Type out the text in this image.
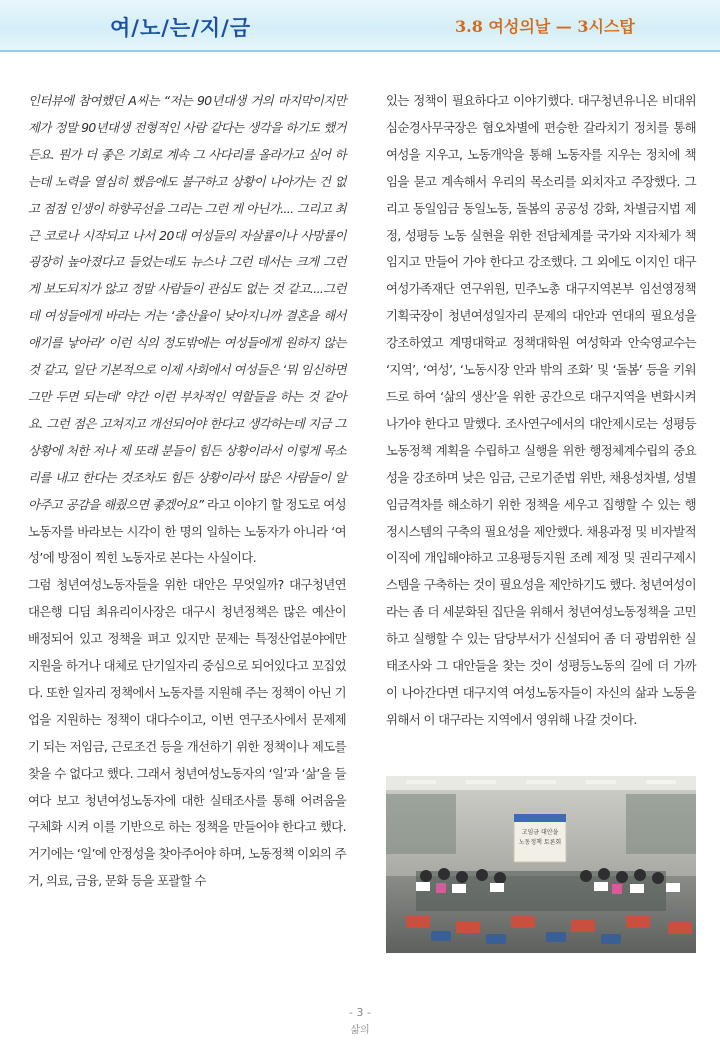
여/노/는/지/금	3.8 여성의날 — 3시스탑

인터뷰에 참여했던 A씨는 “저는 90년대생 거의 마지막이지만 제가 정말 90년대생 전형적인 사람 같다는 생각을 하기도 했거든요. 뭔가 더 좋은 기회로 계속 그 사다리를 올라가고 싶어 하는데 노력을 열심히 했음에도 불구하고 상황이 나아가는 건 없고 점점 인생이 하향곡선을 그리는 그런 게 아닌가.... 그리고 최근 코로나 시작되고 나서 20대 여성들의 자살률이나 사망률이 굉장히 높아졌다고 들었는데도 뉴스나 그런 데서는 크게 그런 게 보도되지가 않고 정말 사람들이 관심도 없는 것 같고....그런데 여성들에게 바라는 거는 ‘출산율이 낮아지니까 결혼을 해서 애기를 낳아라’ 이런 식의 정도밖에는 여성들에게 원하지 않는 것 같고, 일단 기본적으로 이제 사회에서 여성들은 ‘뭐 임신하면 그만 두면 되는데’ 약간 이런 부차적인 역할들을 하는 것 같아요. 그런 점은 고쳐지고 개선되어야 한다고 생각하는데 지금 그 상황에 처한 저나 제 또래 분들이 힘든 상황이라서 이렇게 목소리를 내고 한다는 것조차도 힘든 상황이라서 많은 사람들이 알아주고 공감을 해줬으면 좋겠어요” 라고 이야기 할 정도로 여성노동자를 바라보는 시각이 한 명의 일하는 노동자가 아니라 ‘여성’에 방점이 찍힌 노동자로 본다는 사실이다.

그럼 청년여성노동자들을 위한 대안은 무엇일까? 대구청년연대은행 디딤 최유리이사장은 대구시 청년정책은 많은 예산이 배정되어 있고 정책을 펴고 있지만 문제는 특정산업분야에만 지원을 하거나 대체로 단기일자리 중심으로 되어있다고 꼬집었다. 또한 일자리 정책에서 노동자를 지원해 주는 정책이 아닌 기업을 지원하는 정책이 대다수이고, 이번 연구조사에서 문제제기 되는 저임금, 근로조건 등을 개선하기 위한 정책이나 제도를 찾을 수 없다고 했다. 그래서 청년여성노동자의 ‘일’과 ‘삶’을 들여다 보고 청년여성노동자에 대한 실태조사를 통해 어려움을 구체화 시켜 이를 기반으로 하는 정책을 만들어야 한다고 했다. 거기에는 ‘일’에 안정성을 찾아주어야 하며, 노동정책 이외의 주거, 의료, 금융, 문화 등을 포괄할 수

있는 정책이 필요하다고 이야기했다. 대구청년유니온 비대위 심순경사무국장은 혐오차별에 편승한 갈라치기 정치를 통해 여성을 지우고, 노동개악을 통해 노동자를 지우는 정치에 책임을 묻고 계속해서 우리의 목소리를 외치자고 주장했다. 그리고 동일임금 동일노동, 돌봄의 공공성 강화, 차별금지법 제정, 성평등 노동 실현을 위한 전담체계를 국가와 지자체가 책임지고 만들어 가야 한다고 강조했다. 그 외에도 이지인 대구여성가족재단 연구위원, 민주노총 대구지역본부 임선영정책기획국장이 청년여성일자리 문제의 대안과 연대의 필요성을 강조하였고 계명대학교 정책대학원 여성학과 안숙영교수는 ‘지역’, ‘여성’, ‘노동시장 안과 밖의 조화’ 및 ‘돌봄’ 등을 키워드로 하여 ‘삶의 생산’을 위한 공간으로 대구지역을 변화시켜 나가야 한다고 말했다. 조사연구에서의 대안제시로는 성평등 노동정책 계획을 수립하고 실행을 위한 행정체계수립의 중요성을 강조하며 낮은 임금, 근로기준법 위반, 채용성차별, 성별임금격차를 해소하기 위한 정책을 세우고 집행할 수 있는 행정시스템의 구축의 필요성을 제안했다. 채용과정 및 비자발적 이직에 개입해야하고 고용평등지원 조례 제정 및 권리구제시스템을 구축하는 것이 필요성을 제안하기도 했다. 청년여성이라는 좀 더 세분화된 집단을 위해서 청년여성노동정책을 고민하고 실행할 수 있는 담당부서가 신설되어 좀 더 광범위한 실태조사와 그 대안들을 찾는 것이 성평등노동의 길에 더 가까이 나아간다면 대구지역 여성노동자들이 자신의 삶과 노동을 위해서 이 대구라는 지역에서 영위해 나갈 것이다.

고임금 대안을
노동정책 토론회
- 3 -
삶의
